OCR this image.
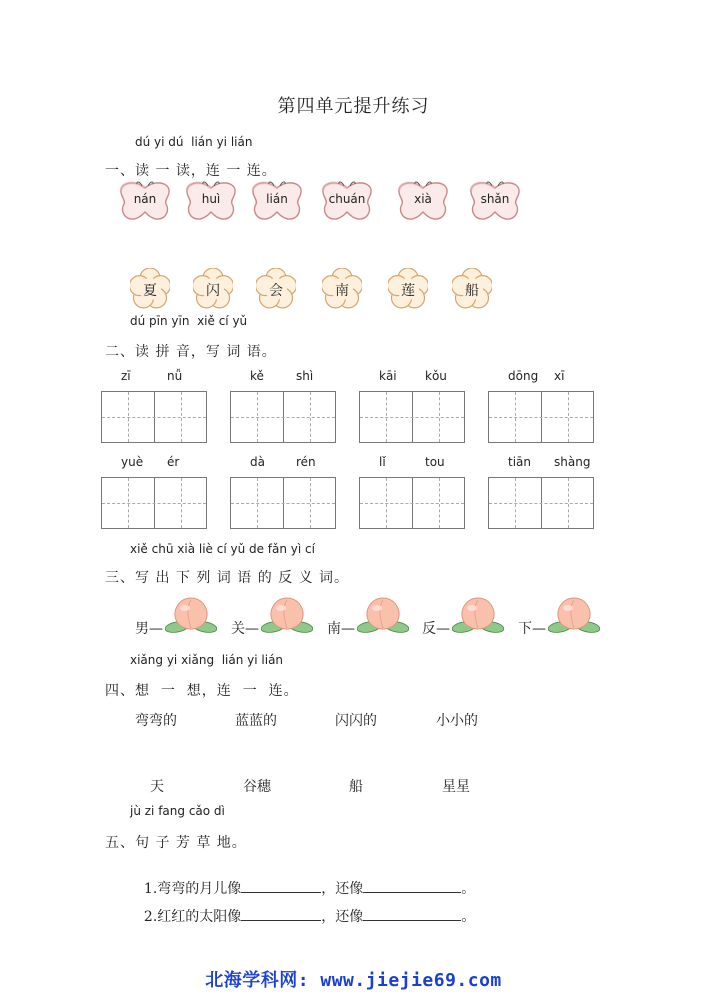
第四单元提升练习
dú yi dú  lián yi lián
一、读 一 读，连 一 连。
nán	huì	lián	chuán	xià	shǎn
夏	闪	会	南	莲	船
dú pīn yīn  xiě cí yǔ
二、读 拼 音，写 词 语。
zī	nǚ	kě	shì	kāi kǒu	dōng xī
yuè ér	dà	rén	lǐ	tou	tiān shàng
xiě chū xià liè cí yǔ de fǎn yì cí
三、写 出 下 列 词 语 的 反 义 词。
男—	关—	南—	反—	下—
xiǎng yi xiǎng  lián yi lián
四、想  一  想，连  一  连。
弯弯的	蓝蓝的	闪闪的	小小的
天	谷穗	船	星星
jù zi fang cǎo dì
五、句 子 芳 草 地。

1.弯弯的月儿像	，还像	。

2.红红的太阳像	，还像	。

北海学科网: www.jiejie69.com
